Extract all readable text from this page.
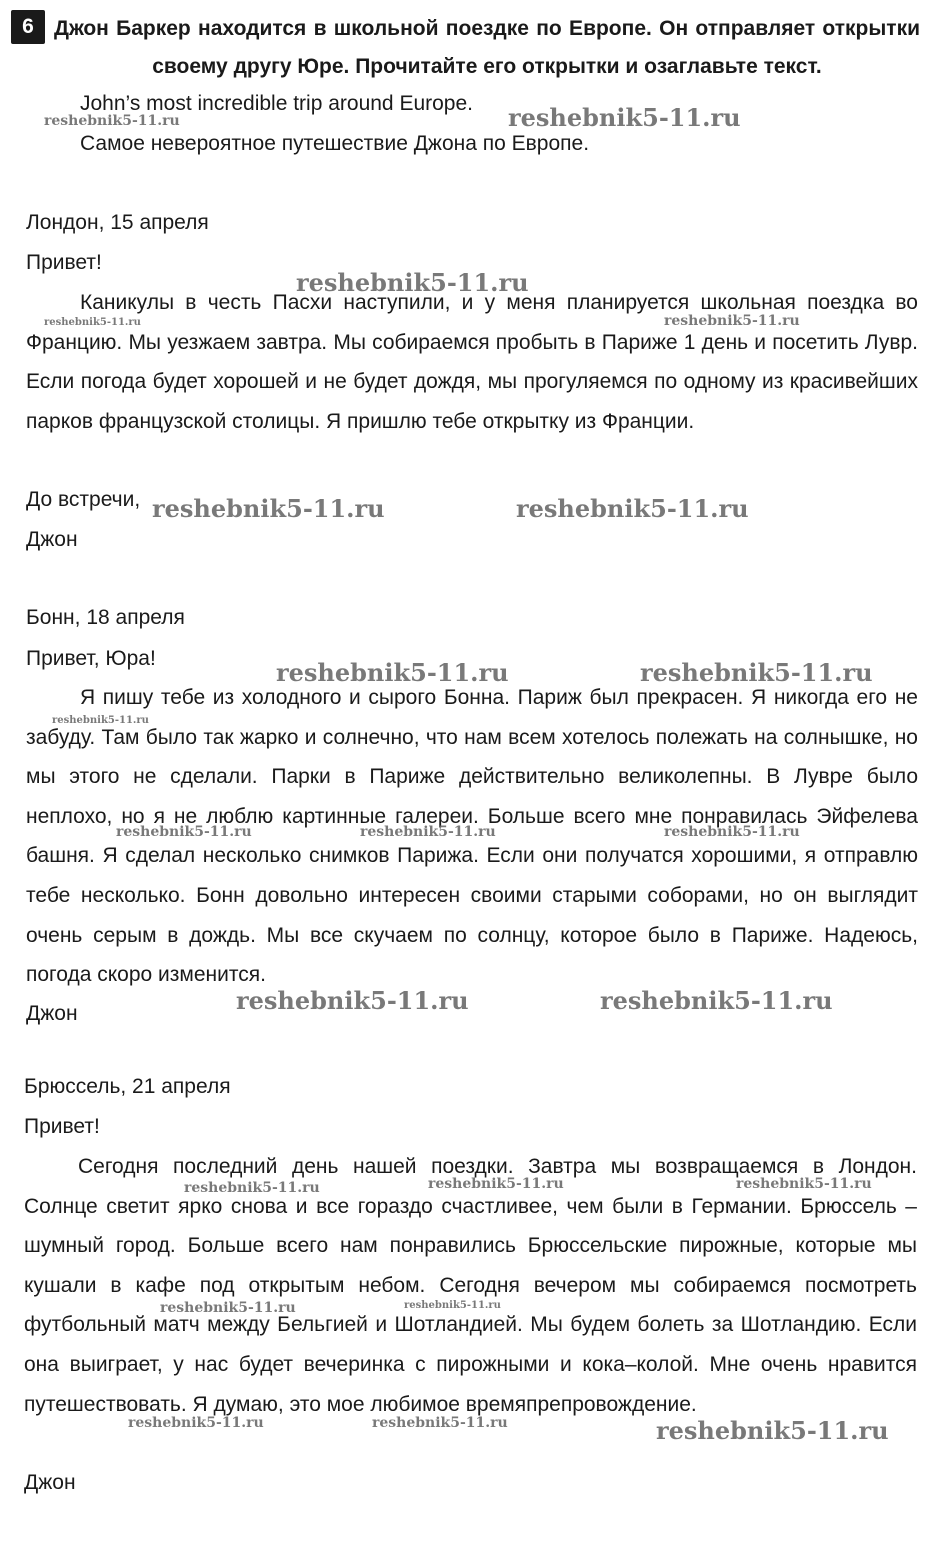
6 Джон Баркер находится в школьной поездке по Европе. Он отправляет открытки своему другу Юре. Прочитайте его открытки и озаглавьте текст.
John’s most incredible trip around Europe.
Самое невероятное путешествие Джона по Европе.
Лондон, 15 апреля
Привет!

Каникулы в честь Пасхи наступили, и у меня планируется школьная поездка во Францию. Мы уезжаем завтра. Мы собираемся пробыть в Париже 1 день и посетить Лувр. Если погода будет хорошей и не будет дождя, мы прогуляемся по одному из красивейших парков французской столицы. Я пришлю тебе открытку из Франции.

До встречи,
Джон
Бонн, 18 апреля
Привет, Юра!

Я пишу тебе из холодного и сырого Бонна. Париж был прекрасен. Я никогда его не забуду. Там было так жарко и солнечно, что нам всем хотелось полежать на солнышке, но мы этого не сделали. Парки в Париже действительно великолепны. В Лувре было неплохо, но я не люблю картинные галереи. Больше всего мне понравилась Эйфелева башня. Я сделал несколько снимков Парижа. Если они получатся хорошими, я отправлю тебе несколько. Бонн довольно интересен своими старыми соборами, но он выглядит очень серым в дождь. Мы все скучаем по солнцу, которое было в Париже. Надеюсь, погода скоро изменится.

Джон
Брюссель, 21 апреля
Привет!

Сегодня последний день нашей поездки. Завтра мы возвращаемся в Лондон. Солнце светит ярко снова и все гораздо счастливее, чем были в Германии. Брюссель – шумный город. Больше всего нам понравились Брюссельские пирожные, которые мы кушали в кафе под открытым небом. Сегодня вечером мы собираемся посмотреть футбольный матч между Бельгией и Шотландией. Мы будем болеть за Шотландию. Если она выиграет, у нас будет вечеринка с пирожными и кока–колой. Мне очень нравится путешествовать. Я думаю, это мое любимое времяпрепровождение.

Джон
reshebnik5-11.ru	reshebnik5-11.ru
reshebnik5-11.ru
reshebnik5-11.ru	reshebnik5-11.ru
reshebnik5-11.ru	reshebnik5-11.ru
reshebnik5-11.ru	reshebnik5-11.ru
reshebnik5-11.ru
reshebnik5-11.ru	reshebnik5-11.ru	reshebnik5-11.ru
reshebnik5-11.ru	reshebnik5-11.ru
reshebnik5-11.ru	reshebnik5-11.ru	reshebnik5-11.ru
reshebnik5-11.ru	reshebnik5-11.ru
reshebnik5-11.ru	reshebnik5-11.ru	reshebnik5-11.ru
